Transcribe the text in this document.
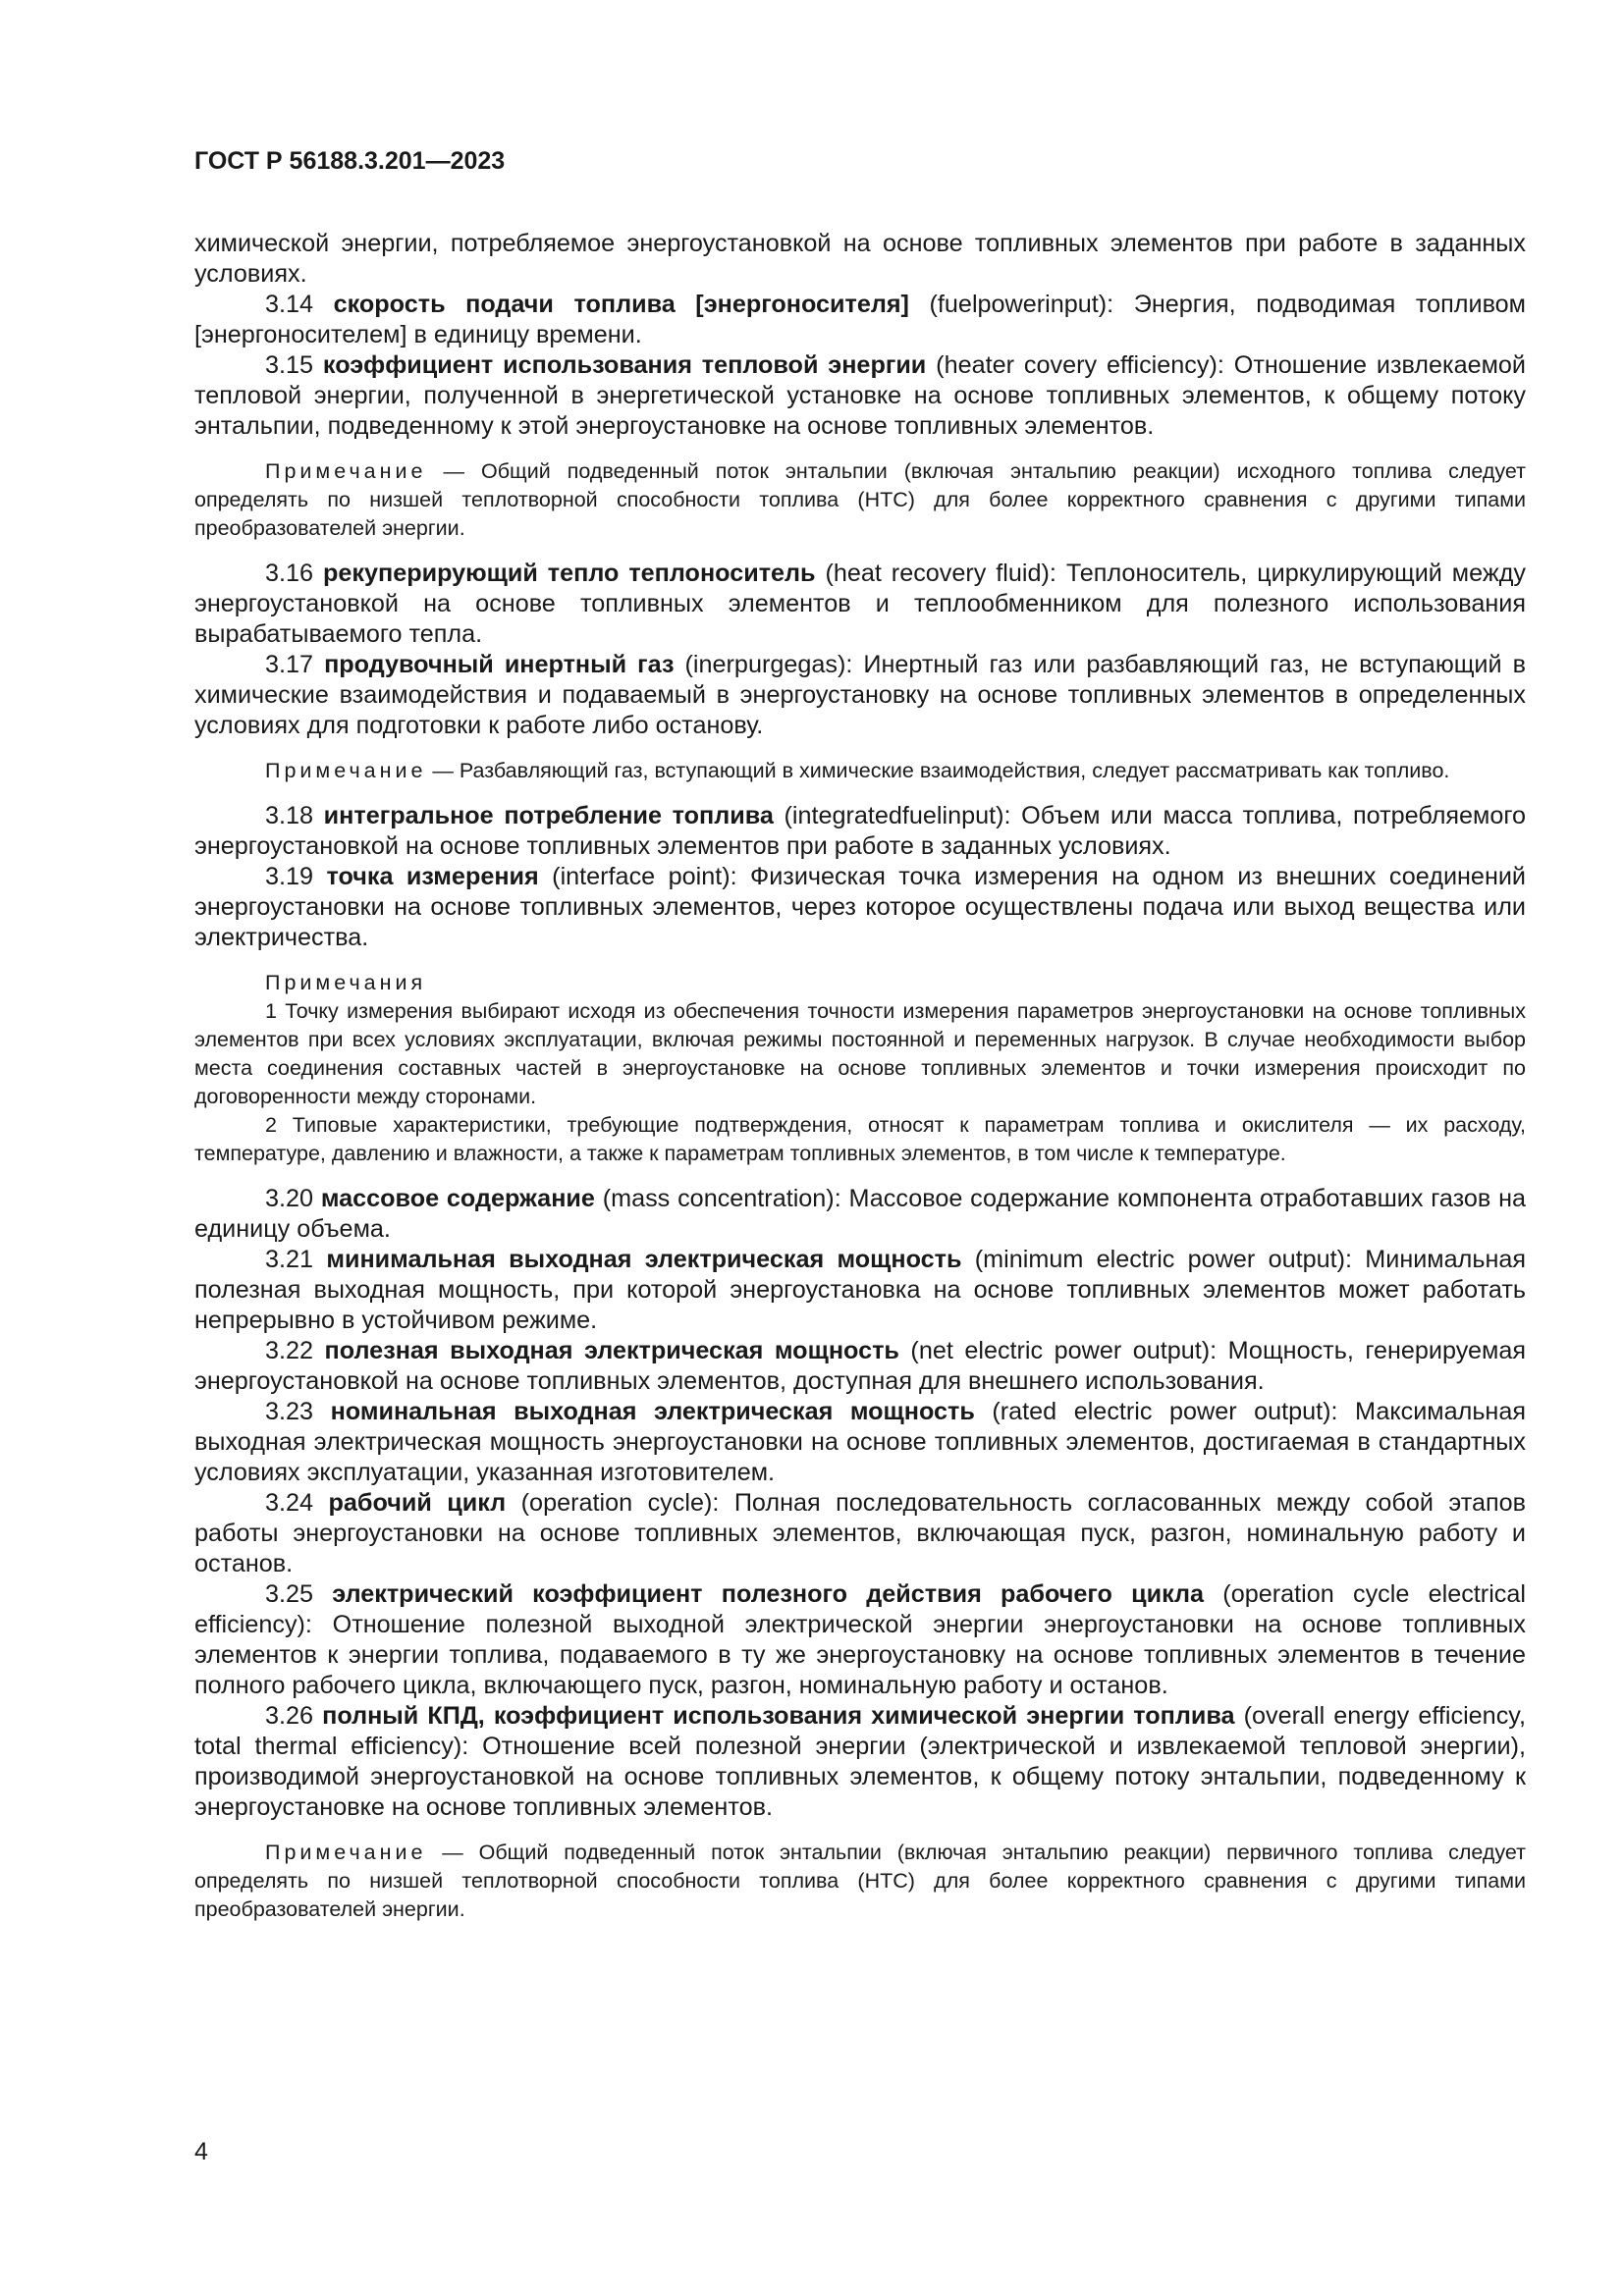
ГОСТ Р 56188.3.201—2023

химической энергии, потребляемое энергоустановкой на основе топливных элементов при работе в заданных условиях.

3.14 скорость подачи топлива [энергоносителя] (fuelpowerinput): Энергия, подводимая топливом [энергоносителем] в единицу времени.

3.15 коэффициент использования тепловой энергии (heater covery efficiency): Отношение извлекаемой тепловой энергии, полученной в энергетической установке на основе топливных элементов, к общему потоку энтальпии, подведенному к этой энергоустановке на основе топливных элементов.

Примечание — Общий подведенный поток энтальпии (включая энтальпию реакции) исходного топлива следует определять по низшей теплотворной способности топлива (НТС) для более корректного сравнения с другими типами преобразователей энергии.

3.16 рекуперирующий тепло теплоноситель (heat recovery fluid): Теплоноситель, циркулирующий между энергоустановкой на основе топливных элементов и теплообменником для полезного использования вырабатываемого тепла.

3.17 продувочный инертный газ (inerpurgegas): Инертный газ или разбавляющий газ, не вступающий в химические взаимодействия и подаваемый в энергоустановку на основе топливных элементов в определенных условиях для подготовки к работе либо останову.

Примечание — Разбавляющий газ, вступающий в химические взаимодействия, следует рассматривать как топливо.

3.18 интегральное потребление топлива (integratedfuelinput): Объем или масса топлива, потребляемого энергоустановкой на основе топливных элементов при работе в заданных условиях.

3.19 точка измерения (interface point): Физическая точка измерения на одном из внешних соединений энергоустановки на основе топливных элементов, через которое осуществлены подача или выход вещества или электричества.

Примечания

1 Точку измерения выбирают исходя из обеспечения точности измерения параметров энергоустановки на основе топливных элементов при всех условиях эксплуатации, включая режимы постоянной и переменных нагрузок. В случае необходимости выбор места соединения составных частей в энергоустановке на основе топливных элементов и точки измерения происходит по договоренности между сторонами.

2 Типовые характеристики, требующие подтверждения, относят к параметрам топлива и окислителя — их расходу, температуре, давлению и влажности, а также к параметрам топливных элементов, в том числе к температуре.

3.20 массовое содержание (mass concentration): Массовое содержание компонента отработавших газов на единицу объема.

3.21 минимальная выходная электрическая мощность (minimum electric power output): Минимальная полезная выходная мощность, при которой энергоустановка на основе топливных элементов может работать непрерывно в устойчивом режиме.

3.22 полезная выходная электрическая мощность (net electric power output): Мощность, генерируемая энергоустановкой на основе топливных элементов, доступная для внешнего использования.

3.23 номинальная выходная электрическая мощность (rated electric power output): Максимальная выходная электрическая мощность энергоустановки на основе топливных элементов, достигаемая в стандартных условиях эксплуатации, указанная изготовителем.

3.24 рабочий цикл (operation cycle): Полная последовательность согласованных между собой этапов работы энергоустановки на основе топливных элементов, включающая пуск, разгон, номинальную работу и останов.

3.25 электрический коэффициент полезного действия рабочего цикла (operation cycle electrical efficiency): Отношение полезной выходной электрической энергии энергоустановки на основе топливных элементов к энергии топлива, подаваемого в ту же энергоустановку на основе топливных элементов в течение полного рабочего цикла, включающего пуск, разгон, номинальную работу и останов.

3.26 полный КПД, коэффициент использования химической энергии топлива (overall energy efficiency, total thermal efficiency): Отношение всей полезной энергии (электрической и извлекаемой тепловой энергии), производимой энергоустановкой на основе топливных элементов, к общему потоку энтальпии, подведенному к энергоустановке на основе топливных элементов.

Примечание — Общий подведенный поток энтальпии (включая энтальпию реакции) первичного топлива следует определять по низшей теплотворной способности топлива (НТС) для более корректного сравнения с другими типами преобразователей энергии.

4
